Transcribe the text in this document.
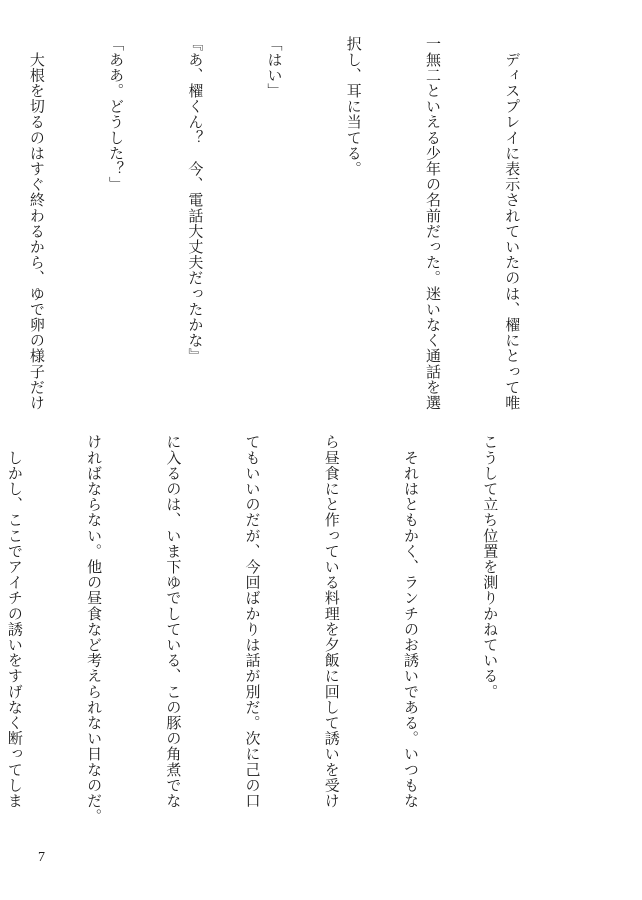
　ディスプレイに表示されていたのは、櫂にとって唯

一無二といえる少年の名前だった。迷いなく通話を選

択し、耳に当てる。

「はい」

『あ、櫂くん？　今、電話大丈夫だったかな』

「ああ。どうした？」

　大根を切るのはすぐ終わるから、ゆで卵の様子だけ

こうして立ち位置を測りかねている。

　それはともかく、ランチのお誘いである。いつもな

ら昼食にと作っている料理を夕飯に回して誘いを受け

てもいいのだが、今回ばかりは話が別だ。次に己の口

に入るのは、いま下ゆでしている、この豚の角煮でな

ければならない。他の昼食など考えられない日なのだ。

　しかし、ここでアイチの誘いをすげなく断ってしま

7
